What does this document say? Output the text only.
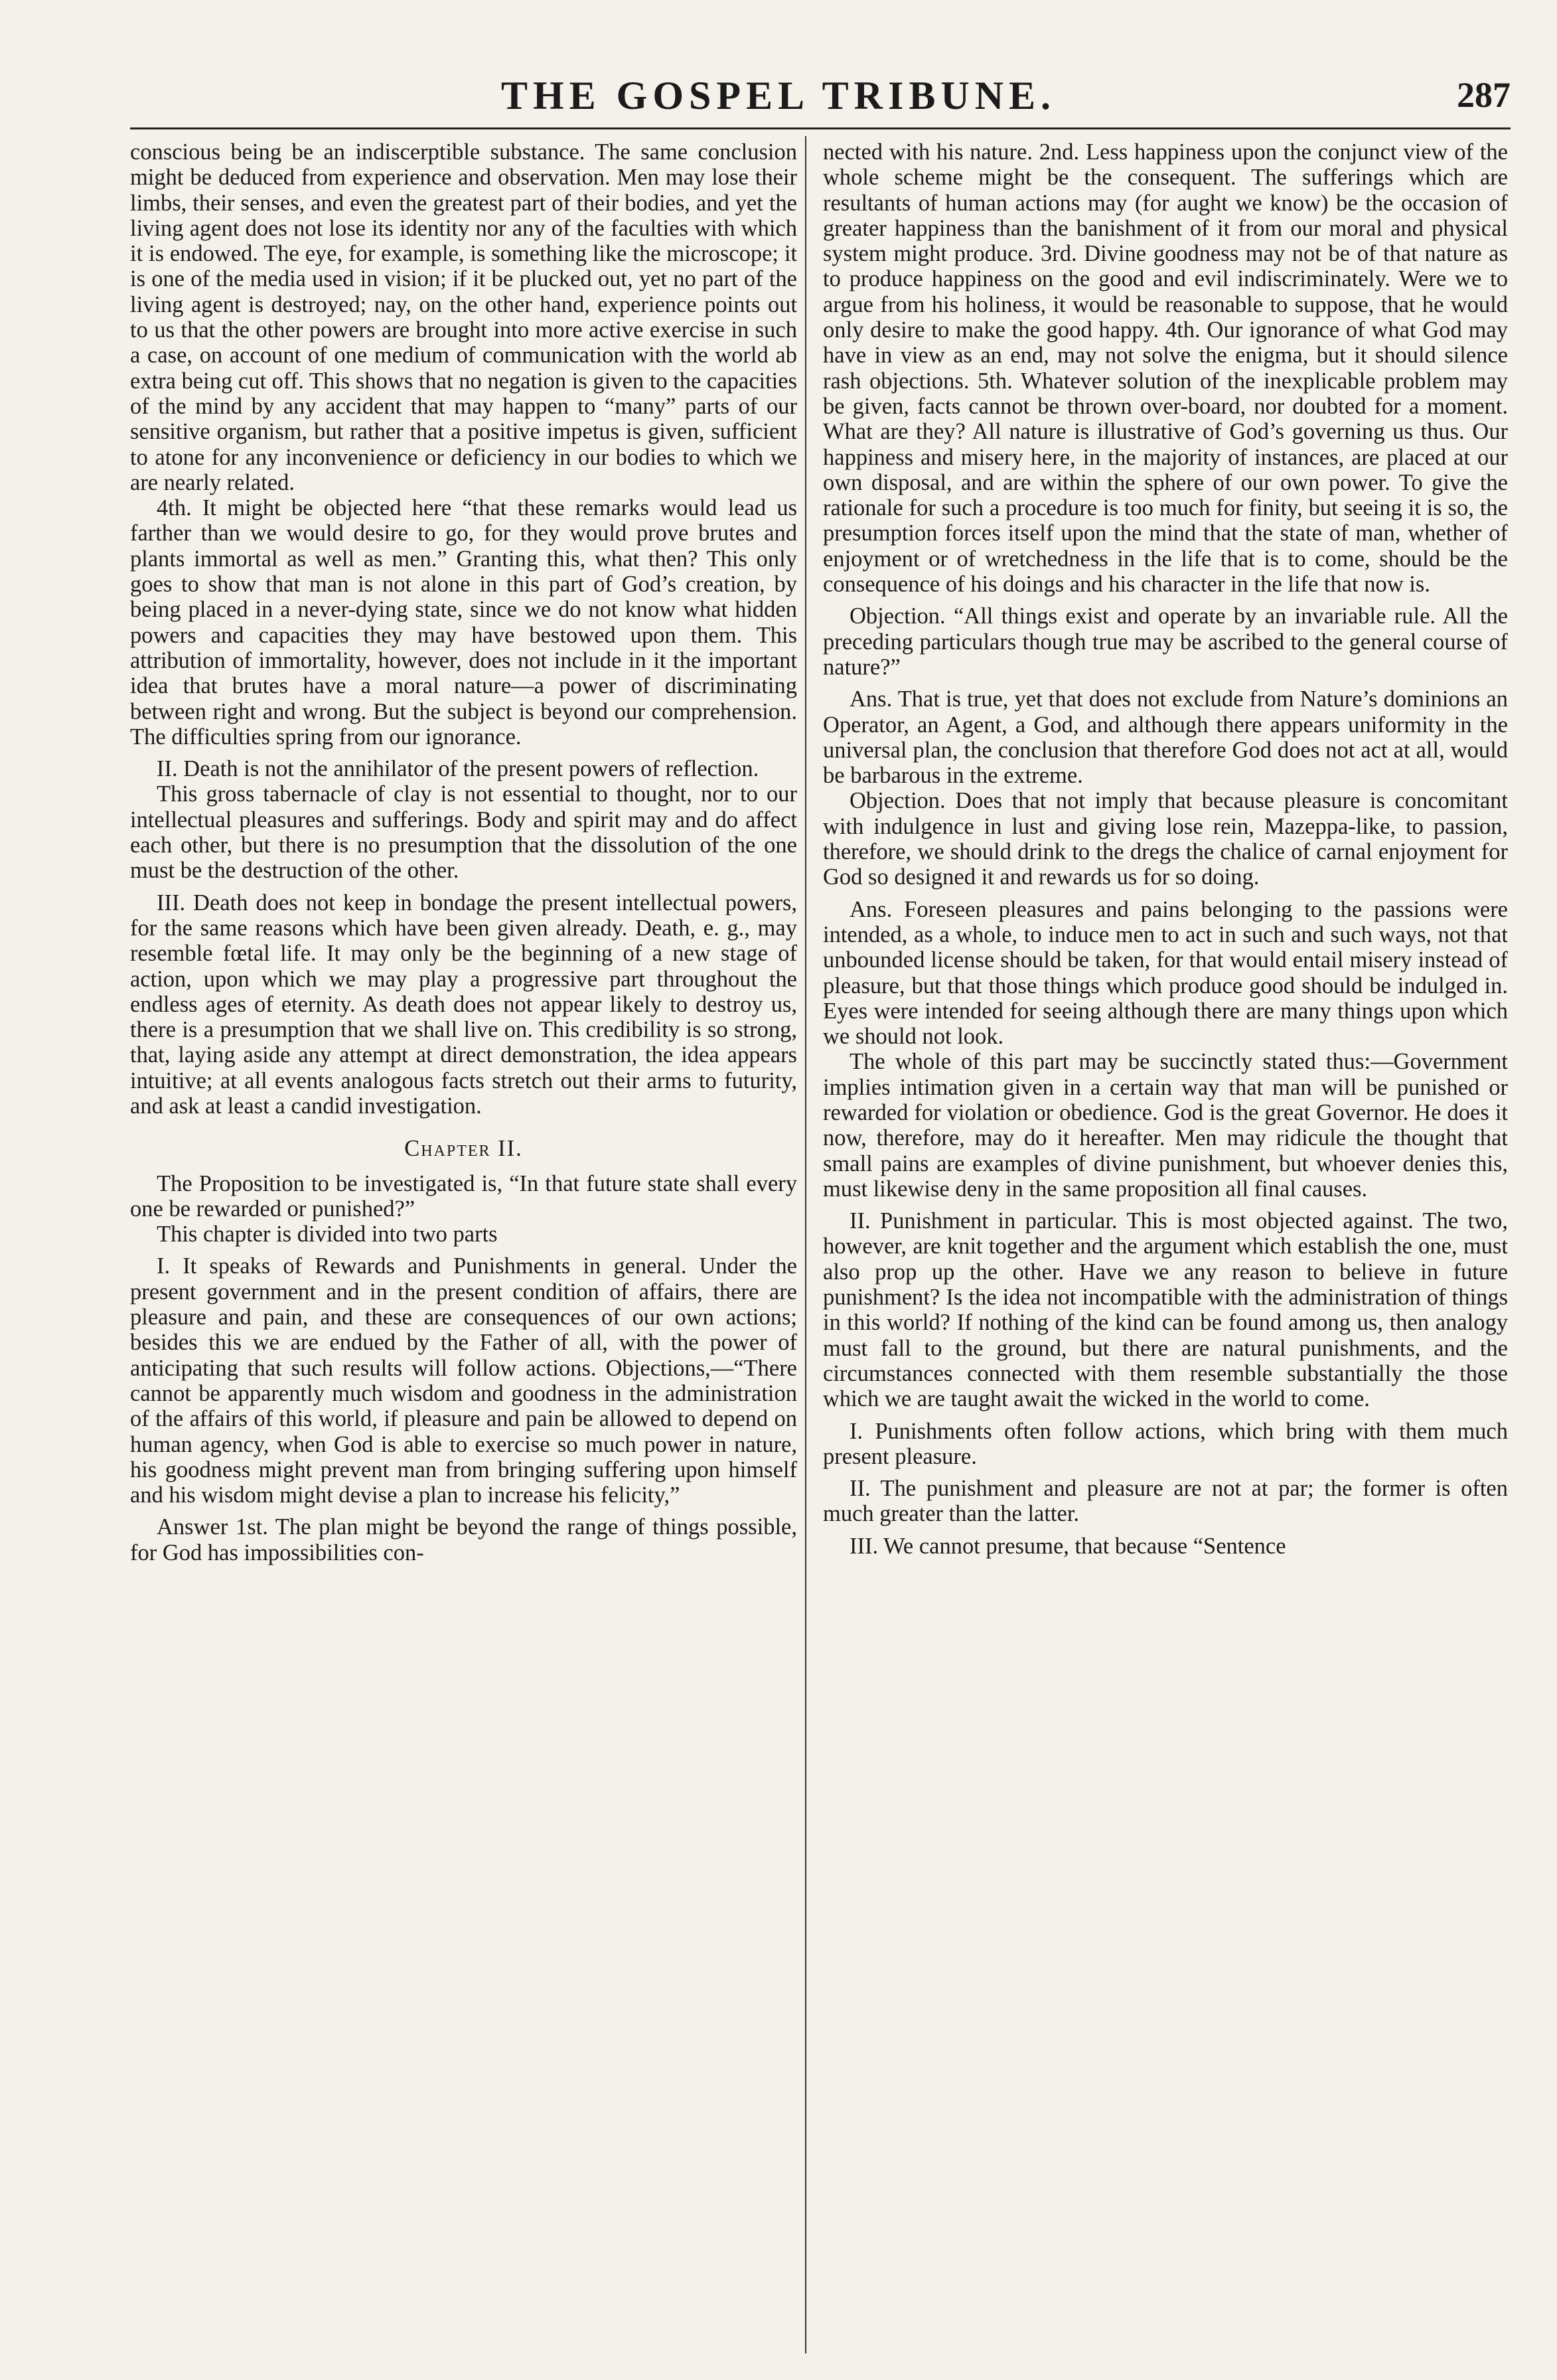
THE GOSPEL TRIBUNE.	287

conscious being be an indiscerptible substance. The same conclusion might be deduced from experience and observation. Men may lose their limbs, their senses, and even the greatest part of their bodies, and yet the living agent does not lose its identity nor any of the faculties with which it is endowed. The eye, for example, is something like the microscope; it is one of the media used in vision; if it be plucked out, yet no part of the living agent is destroyed; nay, on the other hand, experience points out to us that the other powers are brought into more active exercise in such a case, on account of one medium of communication with the world ab extra being cut off. This shows that no negation is given to the capacities of the mind by any accident that may happen to “many” parts of our sensitive organism, but rather that a positive impetus is given, sufficient to atone for any inconvenience or deficiency in our bodies to which we are nearly related.

4th. It might be objected here “that these remarks would lead us farther than we would desire to go, for they would prove brutes and plants immortal as well as men.” Granting this, what then? This only goes to show that man is not alone in this part of God’s creation, by being placed in a never-dying state, since we do not know what hidden powers and capacities they may have bestowed upon them. This attribution of immortality, however, does not include in it the important idea that brutes have a moral nature—a power of discriminating between right and wrong. But the subject is beyond our comprehension. The difficulties spring from our ignorance.

II. Death is not the annihilator of the present powers of reflection.

This gross tabernacle of clay is not essential to thought, nor to our intellectual pleasures and sufferings. Body and spirit may and do affect each other, but there is no presumption that the dissolution of the one must be the destruction of the other.

III. Death does not keep in bondage the present intellectual powers, for the same reasons which have been given already. Death, e. g., may resemble fœtal life. It may only be the beginning of a new stage of action, upon which we may play a progressive part throughout the endless ages of eternity. As death does not appear likely to destroy us, there is a presumption that we shall live on. This credibility is so strong, that, laying aside any attempt at direct demonstration, the idea appears intuitive; at all events analogous facts stretch out their arms to futurity, and ask at least a candid investigation.

Chapter II.

The Proposition to be investigated is, “In that future state shall every one be rewarded or punished?”

This chapter is divided into two parts

I. It speaks of Rewards and Punishments in general. Under the present government and in the present condition of affairs, there are pleasure and pain, and these are consequences of our own actions; besides this we are endued by the Father of all, with the power of anticipating that such results will follow actions. Objections,—“There cannot be apparently much wisdom and goodness in the administration of the affairs of this world, if pleasure and pain be allowed to depend on human agency, when God is able to exercise so much power in nature, his goodness might prevent man from bringing suffering upon himself and his wisdom might devise a plan to increase his felicity,”

Answer 1st. The plan might be beyond the range of things possible, for God has impossibilities con-

nected with his nature. 2nd. Less happiness upon the conjunct view of the whole scheme might be the consequent. The sufferings which are resultants of human actions may (for aught we know) be the occasion of greater happiness than the banishment of it from our moral and physical system might produce. 3rd. Divine goodness may not be of that nature as to produce happiness on the good and evil indiscriminately. Were we to argue from his holiness, it would be reasonable to suppose, that he would only desire to make the good happy. 4th. Our ignorance of what God may have in view as an end, may not solve the enigma, but it should silence rash objections. 5th. Whatever solution of the inexplicable problem may be given, facts cannot be thrown over-board, nor doubted for a moment. What are they? All nature is illustrative of God’s governing us thus. Our happiness and misery here, in the majority of instances, are placed at our own disposal, and are within the sphere of our own power. To give the rationale for such a procedure is too much for finity, but seeing it is so, the presumption forces itself upon the mind that the state of man, whether of enjoyment or of wretchedness in the life that is to come, should be the consequence of his doings and his character in the life that now is.

Objection. “All things exist and operate by an invariable rule. All the preceding particulars though true may be ascribed to the general course of nature?”

Ans. That is true, yet that does not exclude from Nature’s dominions an Operator, an Agent, a God, and although there appears uniformity in the universal plan, the conclusion that therefore God does not act at all, would be barbarous in the extreme.

Objection. Does that not imply that because pleasure is concomitant with indulgence in lust and giving lose rein, Mazeppa-like, to passion, therefore, we should drink to the dregs the chalice of carnal enjoyment for God so designed it and rewards us for so doing.

Ans. Foreseen pleasures and pains belonging to the passions were intended, as a whole, to induce men to act in such and such ways, not that unbounded license should be taken, for that would entail misery instead of pleasure, but that those things which produce good should be indulged in. Eyes were intended for seeing although there are many things upon which we should not look.

The whole of this part may be succinctly stated thus:—Government implies intimation given in a certain way that man will be punished or rewarded for violation or obedience. God is the great Governor. He does it now, therefore, may do it hereafter. Men may ridicule the thought that small pains are examples of divine punishment, but whoever denies this, must likewise deny in the same proposition all final causes.

II. Punishment in particular. This is most objected against. The two, however, are knit together and the argument which establish the one, must also prop up the other. Have we any reason to believe in future punishment? Is the idea not incompatible with the administration of things in this world? If nothing of the kind can be found among us, then analogy must fall to the ground, but there are natural punishments, and the circumstances connected with them resemble substantially the those which we are taught await the wicked in the world to come.

I. Punishments often follow actions, which bring with them much present pleasure.

II. The punishment and pleasure are not at par; the former is often much greater than the latter.

III. We cannot presume, that because “Sentence
